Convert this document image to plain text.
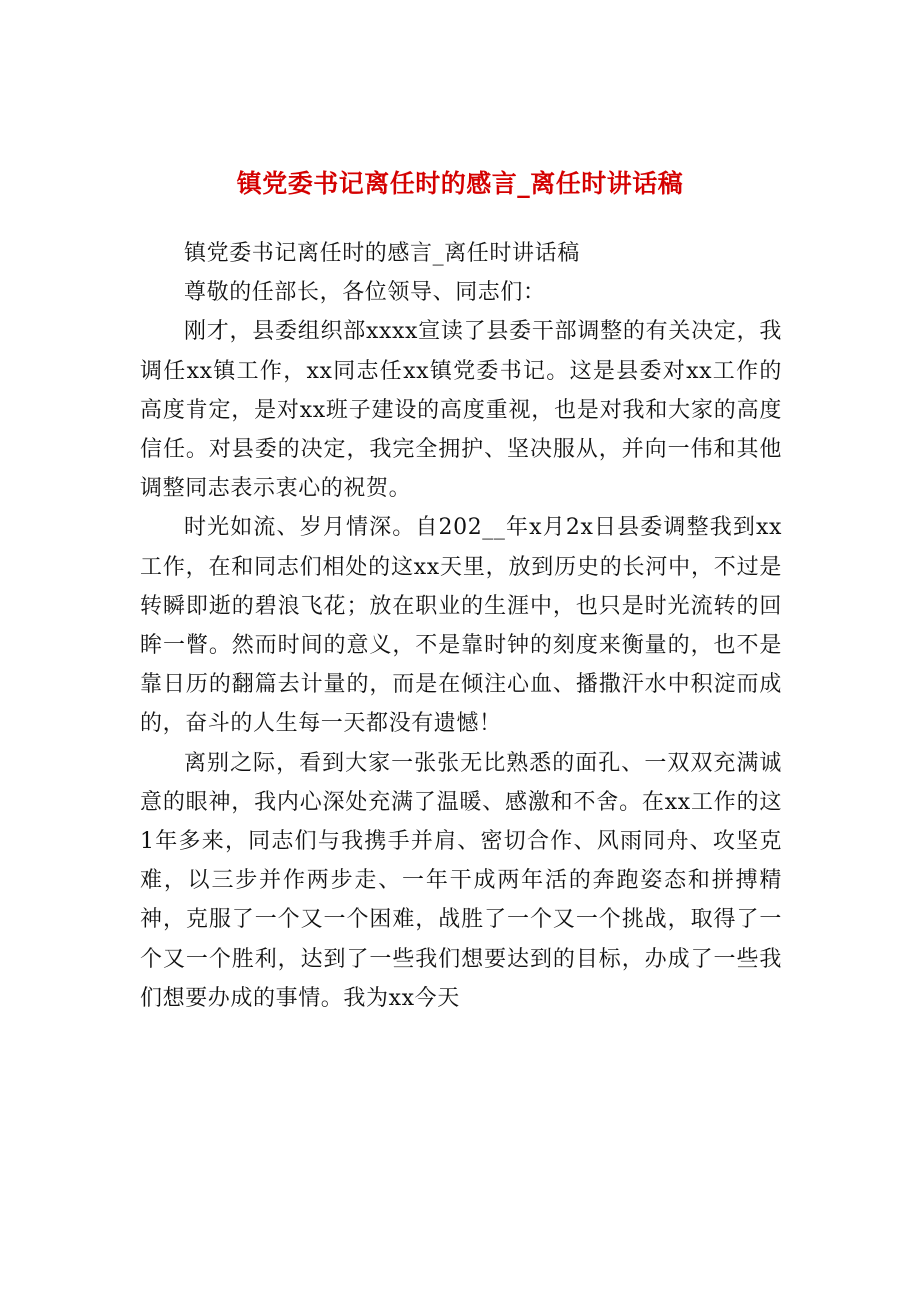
镇党委书记离任时的感言_离任时讲话稿

镇党委书记离任时的感言_离任时讲话稿

尊敬的任部长，各位领导、同志们：

刚才，县委组织部xxxx宣读了县委干部调整的有关决定，我调任xx镇工作，xx同志任xx镇党委书记。这是县委对xx工作的高度肯定，是对xx班子建设的高度重视，也是对我和大家的高度信任。对县委的决定，我完全拥护、坚决服从，并向一伟和其他调整同志表示衷心的祝贺。

时光如流、岁月情深。自202__年x月2x日县委调整我到xx工作，在和同志们相处的这xx天里，放到历史的长河中，不过是转瞬即逝的碧浪飞花；放在职业的生涯中，也只是时光流转的回眸一瞥。然而时间的意义，不是靠时钟的刻度来衡量的，也不是靠日历的翻篇去计量的，而是在倾注心血、播撒汗水中积淀而成的，奋斗的人生每一天都没有遗憾！

离别之际，看到大家一张张无比熟悉的面孔、一双双充满诚意的眼神，我内心深处充满了温暖、感激和不舍。在xx工作的这1年多来，同志们与我携手并肩、密切合作、风雨同舟、攻坚克难，以三步并作两步走、一年干成两年活的奔跑姿态和拼搏精神，克服了一个又一个困难，战胜了一个又一个挑战，取得了一个又一个胜利，达到了一些我们想要达到的目标，办成了一些我们想要办成的事情。我为xx今天
